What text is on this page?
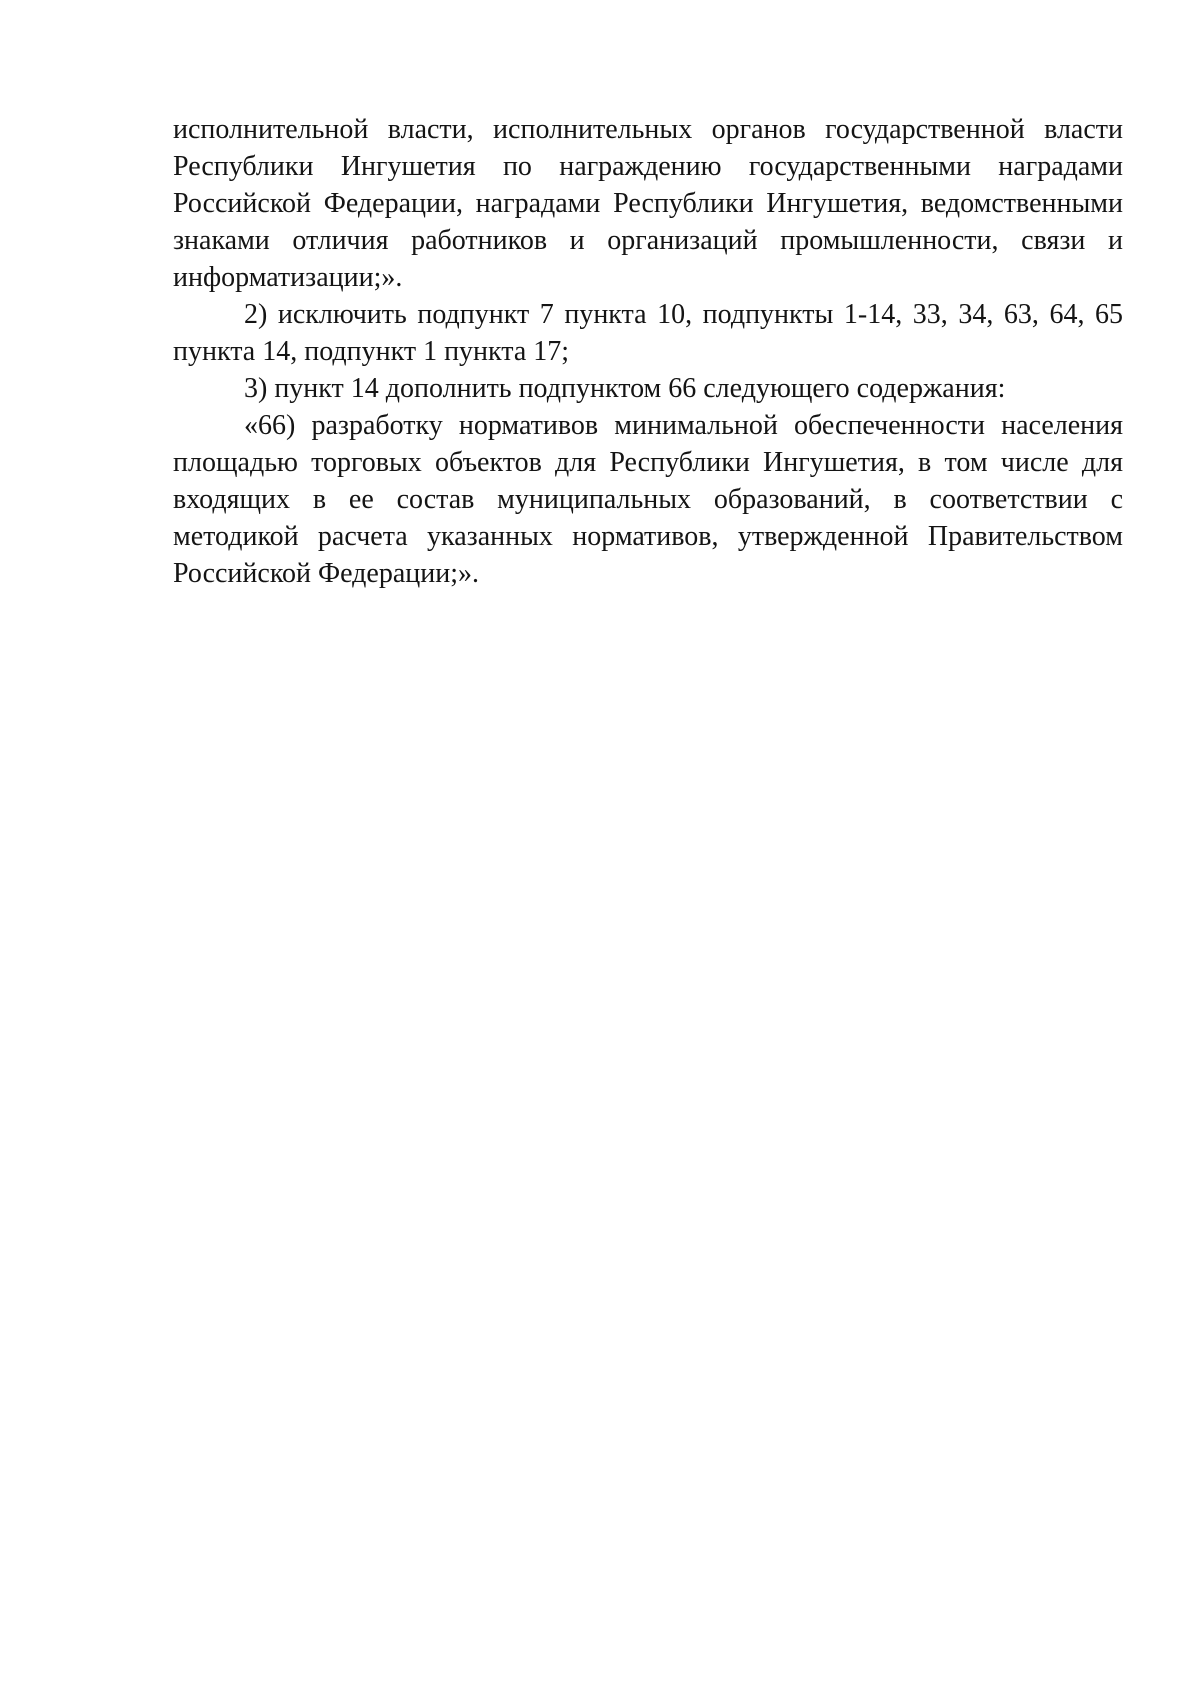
исполнительной власти, исполнительных органов государственной власти Республики Ингушетия по награждению государственными наградами Российской Федерации, наградами Республики Ингушетия, ведомственными знаками отличия работников и организаций промышленности, связи и информатизации;».

2) исключить подпункт 7 пункта 10, подпункты 1-14, 33, 34, 63, 64, 65 пункта 14, подпункт 1 пункта 17;

3) пункт 14 дополнить подпунктом 66 следующего содержания:

«66) разработку нормативов минимальной обеспеченности населения площадью торговых объектов для Республики Ингушетия, в том числе для входящих в ее состав муниципальных образований, в соответствии с методикой расчета указанных нормативов, утвержденной Правительством Российской Федерации;».
